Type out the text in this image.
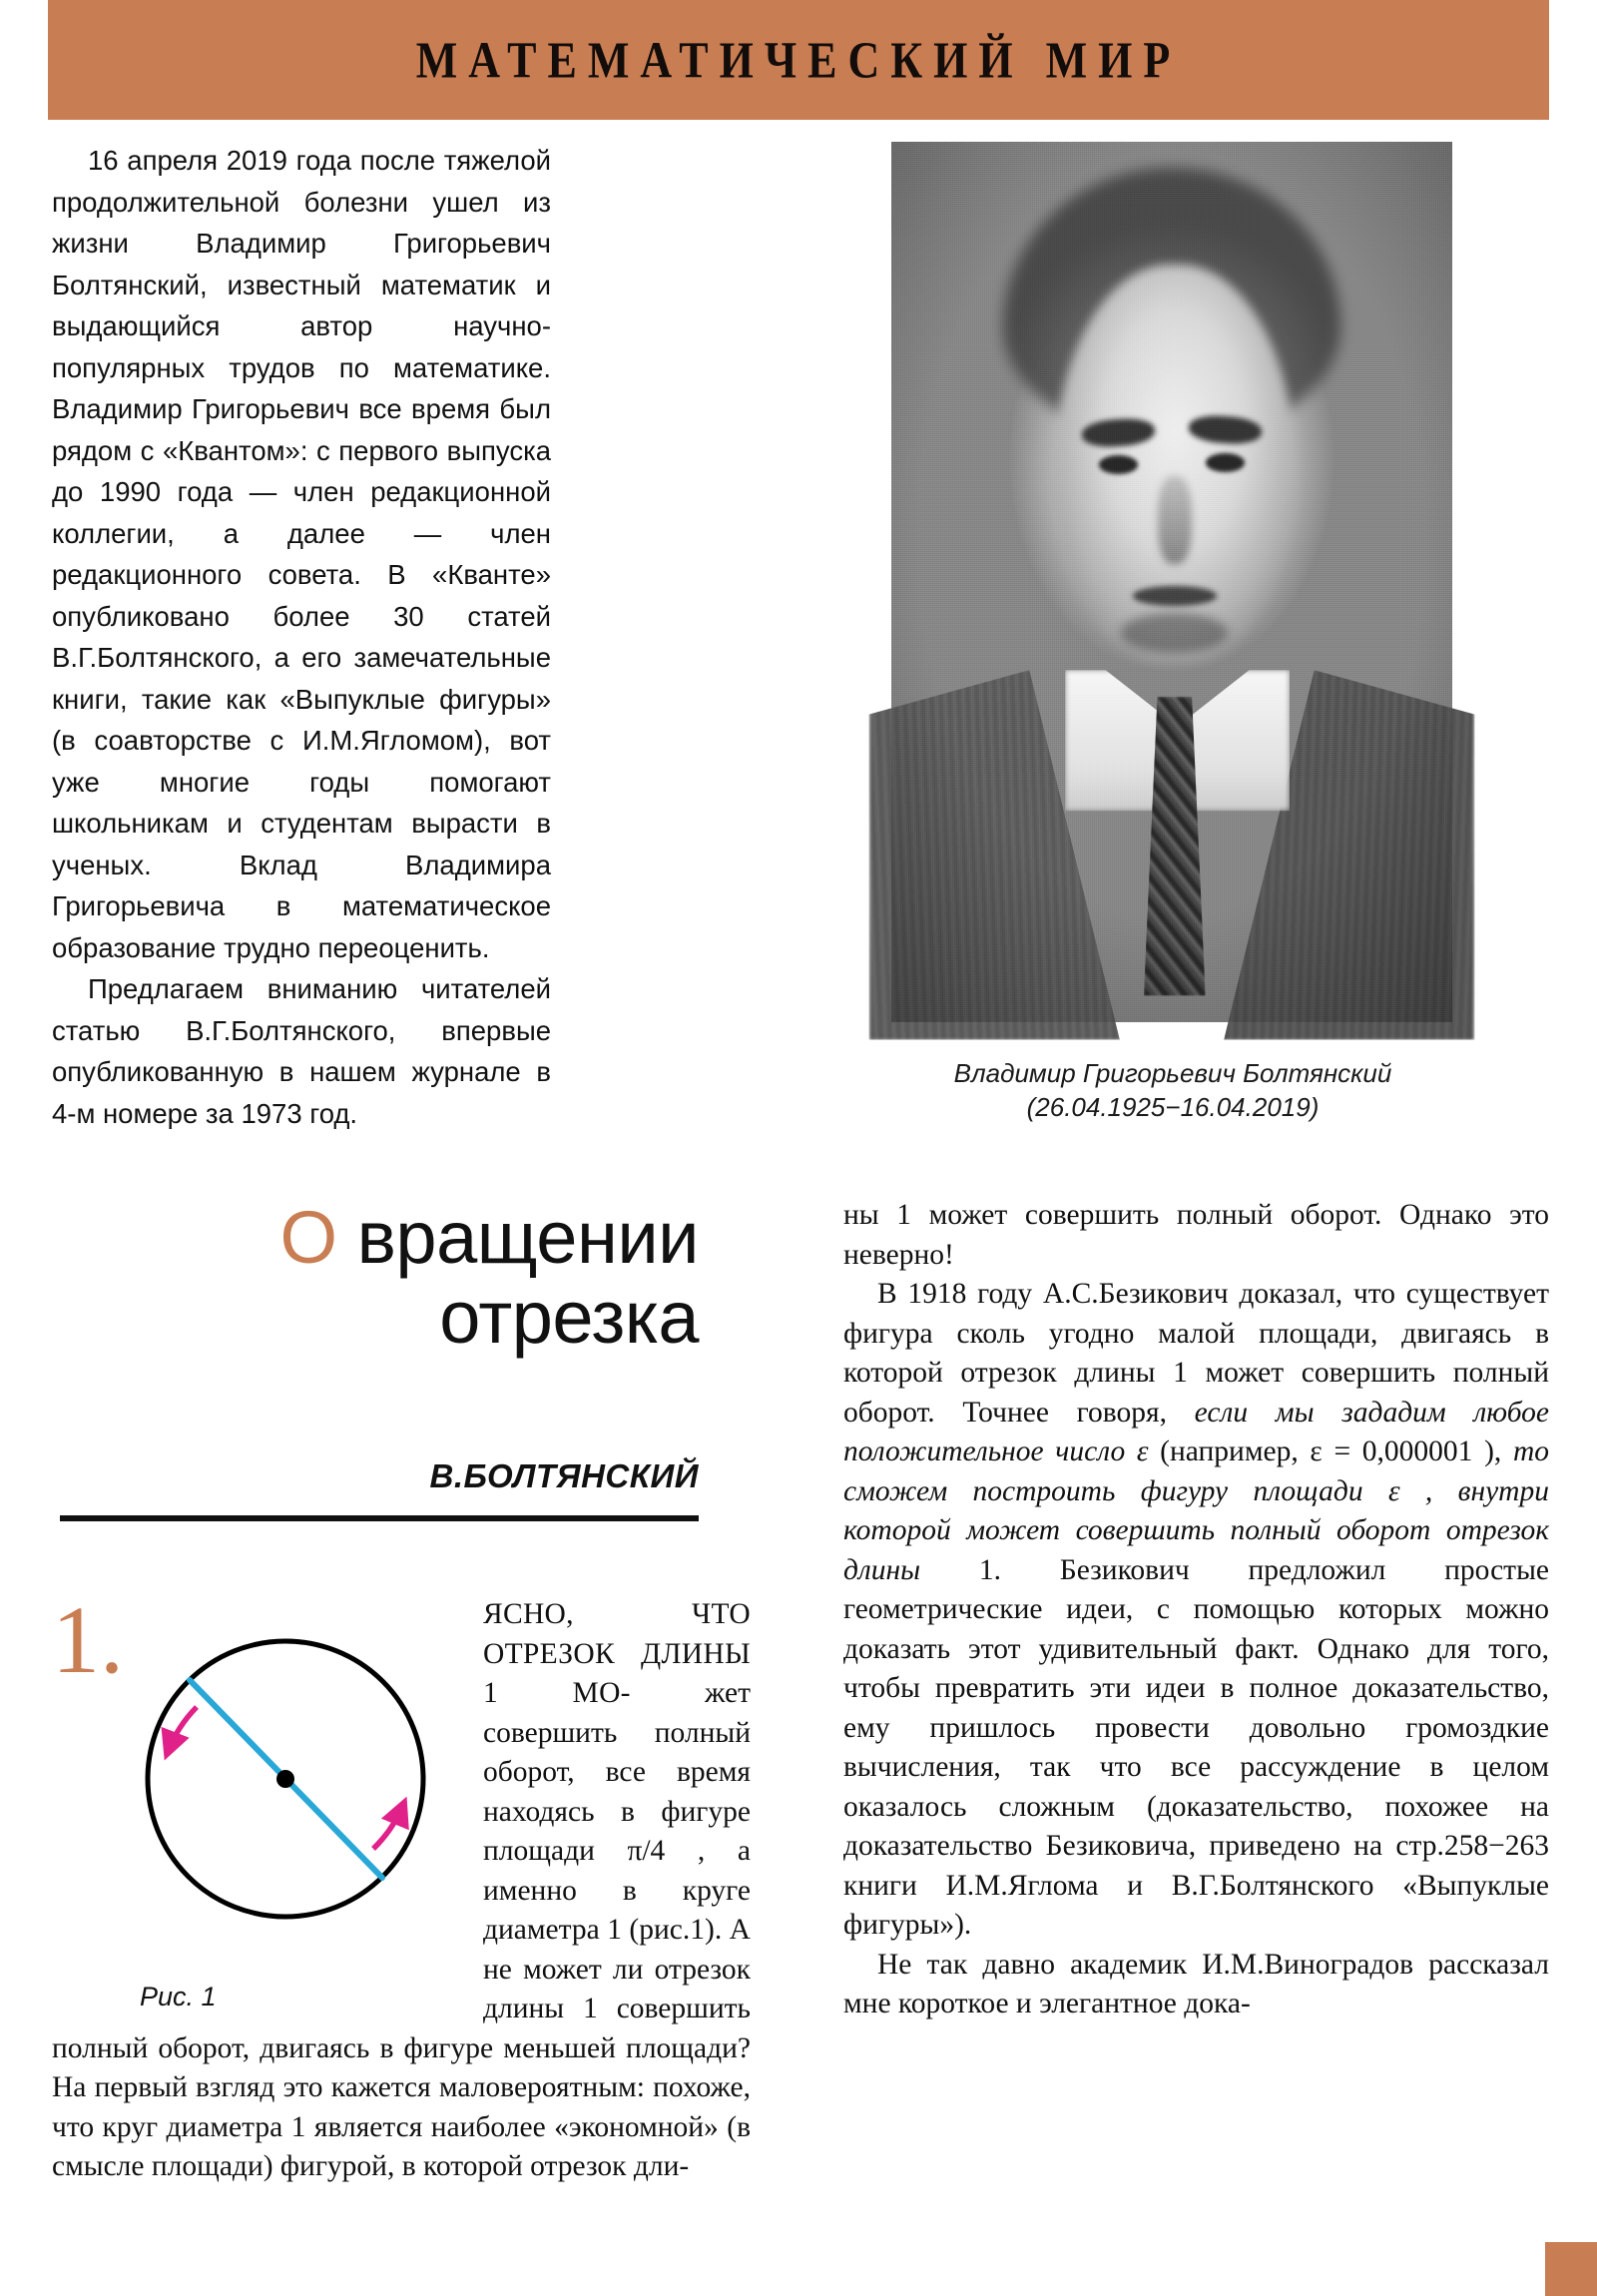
МАТЕМАТИЧЕСКИЙ МИР

16 апреля 2019 года после тяжелой продолжительной болезни ушел из жизни Владимир Григорьевич Болтянский, известный математик и выдающийся автор научно-популярных трудов по математике. Владимир Григорьевич все время был рядом с «Квантом»: с первого выпуска до 1990 года — член редакционной коллегии, а далее — член редакционного совета. В «Кванте» опубликовано более 30 статей В.Г.Болтянского, а его замечательные книги, такие как «Выпуклые фигуры» (в соавторстве с И.М.Ягломом), вот уже многие годы помогают школьникам и студентам вырасти в ученых. Вклад Владимира Григорьевича в математическое образование трудно переоценить.

Предлагаем вниманию читателей статью В.Г.Болтянского, впервые опубликованную в нашем журнале в 4-м номере за 1973 год.

Владимир Григорьевич Болтянский
(26.04.1925−16.04.2019)
О вращении
отрезка
В.БОЛТЯНСКИЙ
1.
Рис. 1
ЯСНО, ЧТО ОТРЕЗОК ДЛИНЫ 1 МО-	жет совершить полный оборот, все время находясь в фигуре площади π/4 , а именно в круге диаметра 1 (рис.1). А не может ли отрезок длины 1 совершить полный оборот, двигаясь в фигуре меньшей площади? На первый взгляд это кажется маловероятным: похоже, что круг диаметра 1 является наиболее «экономной» (в смысле площади) фигурой, в которой отрезок дли-

ны 1 может совершить полный оборот. Однако это неверно!

В 1918 году А.С.Безикович доказал, что существует фигура сколь угодно малой площади, двигаясь в которой отрезок длины 1 может совершить полный оборот. Точнее говоря, если мы зададим любое положительное число ε (например, ε = 0,000001 ), то сможем построить фигуру площади ε , внутри которой может совершить полный оборот отрезок длины 1. Безикович предложил простые геометрические идеи, с помощью которых можно доказать этот удивительный факт. Однако для того, чтобы превратить эти идеи в полное доказательство, ему пришлось провести довольно громоздкие вычисления, так что все рассуждение в целом оказалось сложным (доказательство, похожее на доказательство Безиковича, приведено на стр.258−263 книги И.М.Яглома и В.Г.Болтянского «Выпуклые фигуры»).

Не так давно академик И.М.Виноградов рассказал мне короткое и элегантное дока-
